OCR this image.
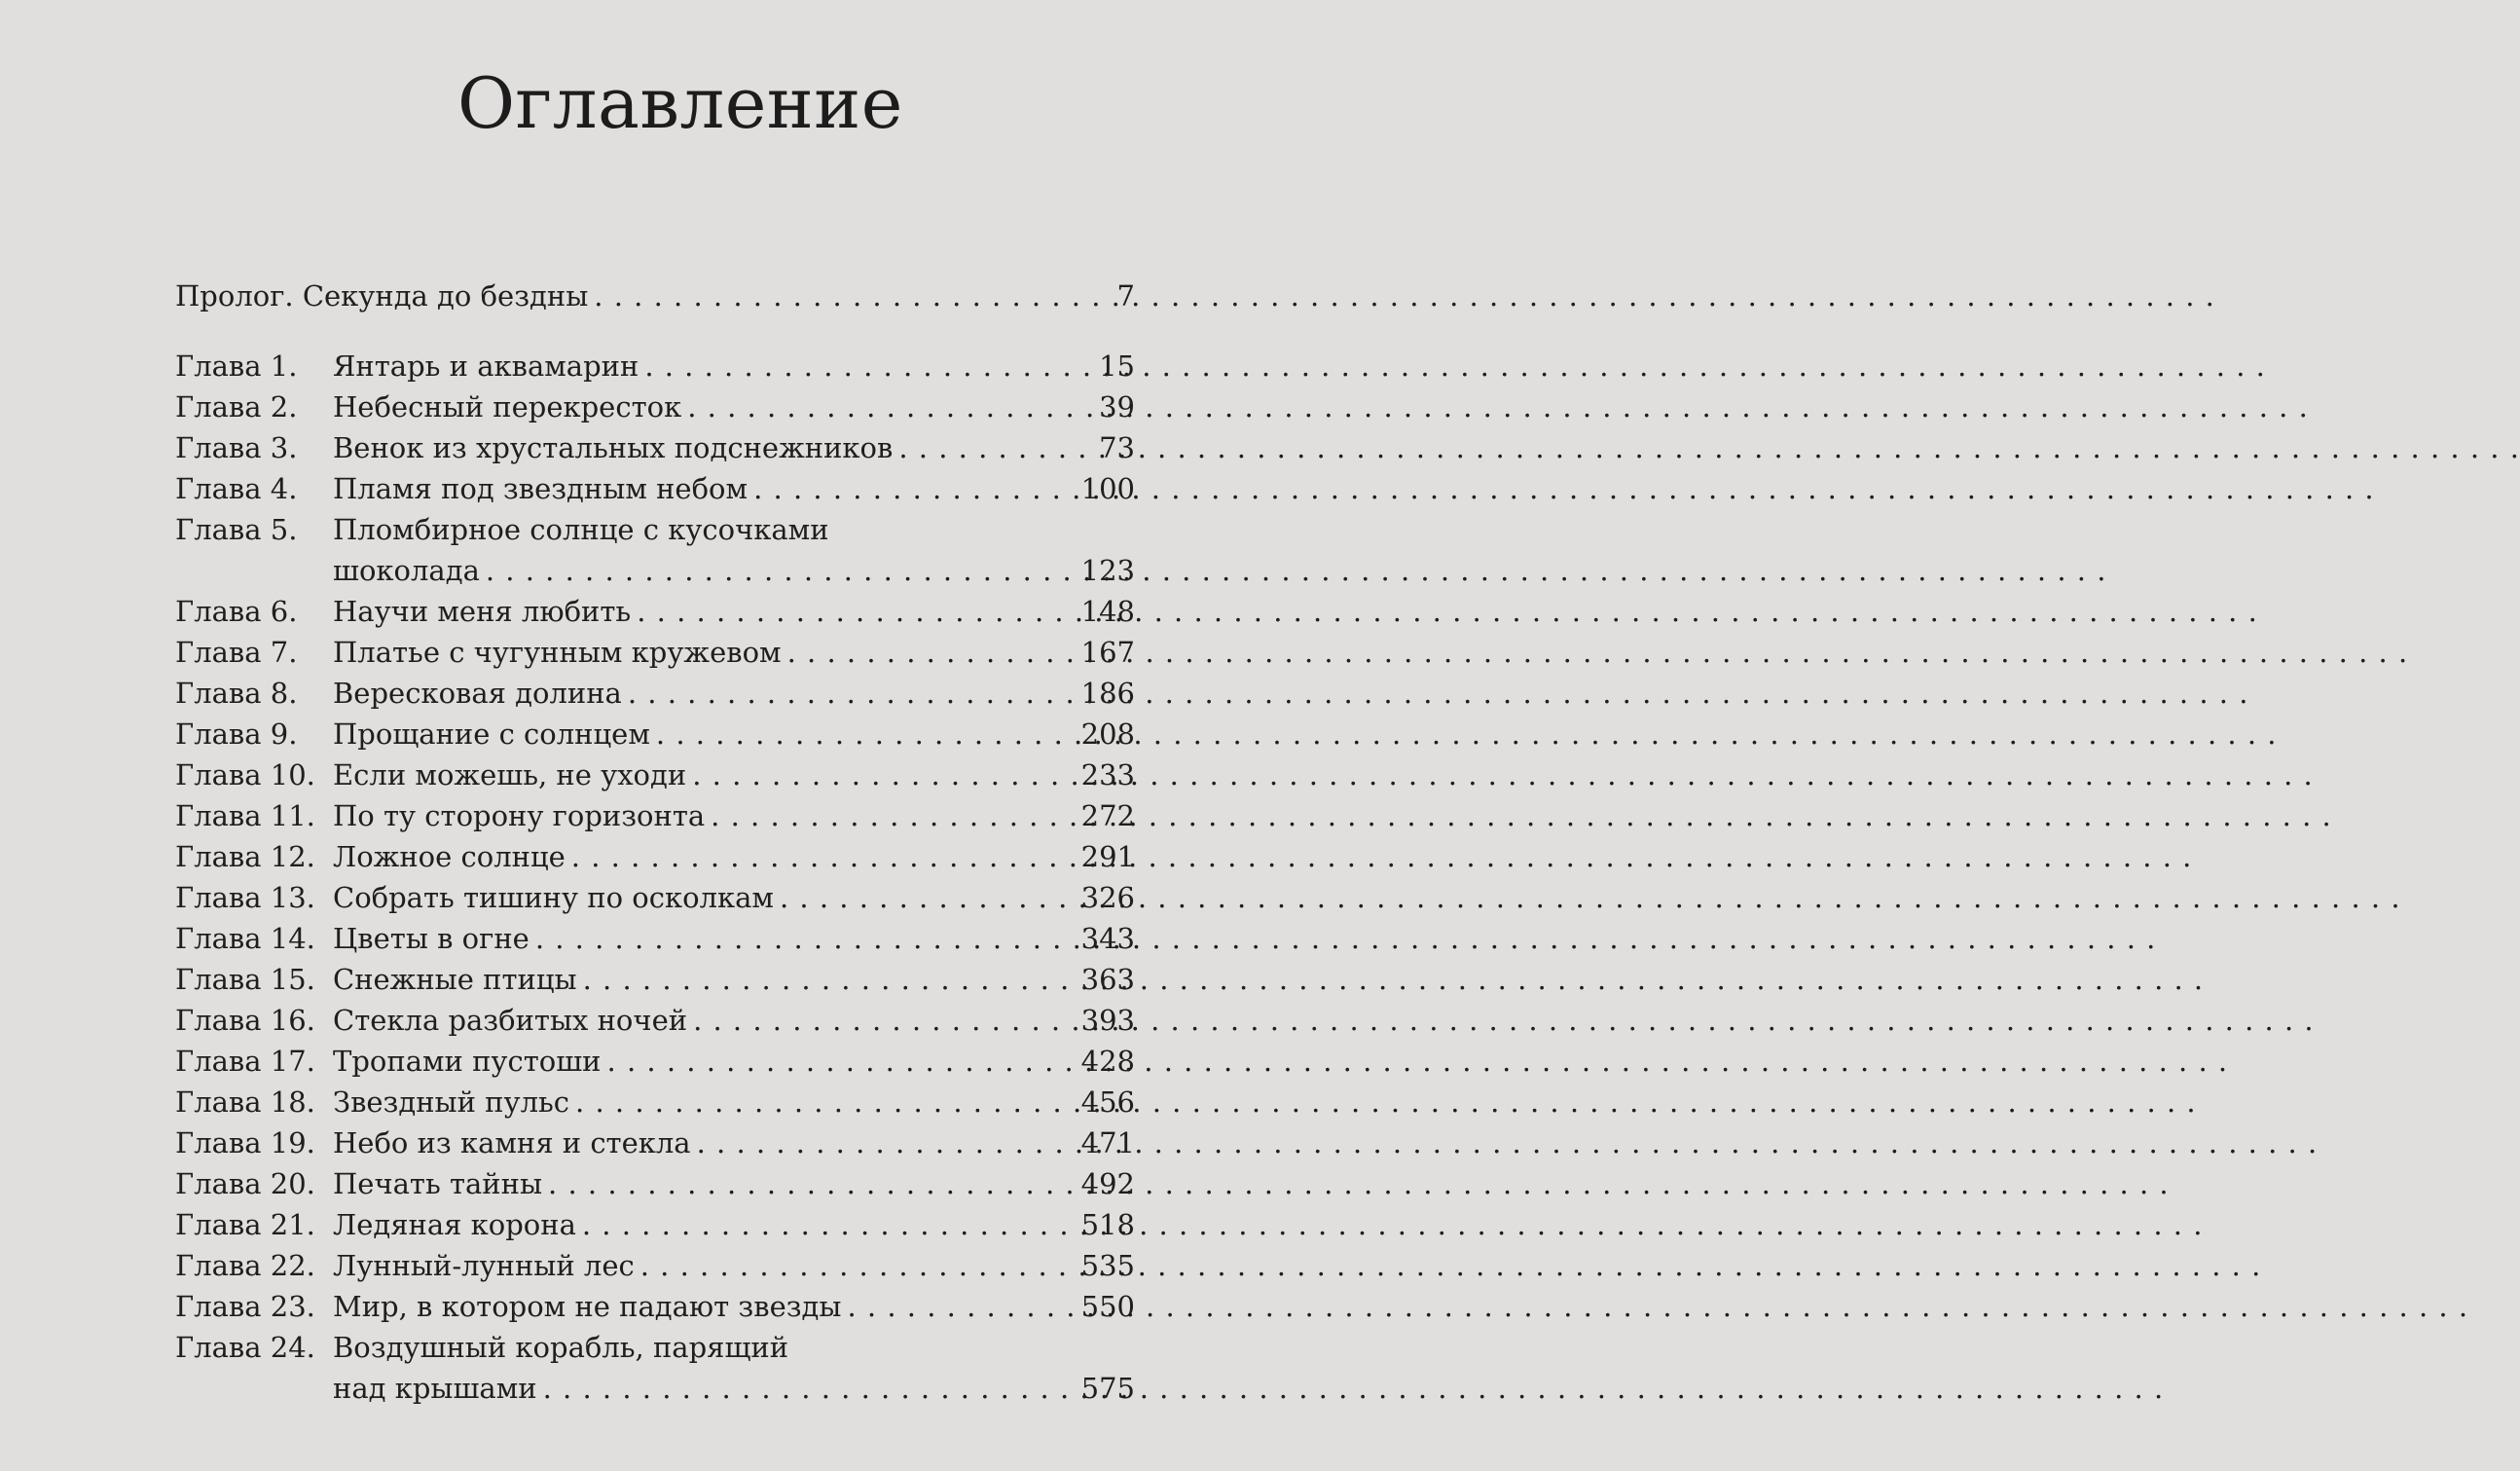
Оглавление
Пролог. Секунда до бездны . . .	7
Глава 1.	Янтарь и аквамарин . . .	15
Глава 2.	Небесный перекресток . . .	39
Глава 3.	Венок из хрустальных подснежников . . .	73
Глава 4.	Пламя под звездным небом . . .	100
Глава 5.	Пломбирное солнце с кусочками
шоколада . . .	123
Глава 6.	Научи меня любить . . .	148
Глава 7.	Платье с чугунным кружевом . . .	167
Глава 8.	Вересковая долина . . .	186
Глава 9.	Прощание с солнцем . . .	208
Глава 10. Если можешь, не уходи . . .	233
Глава 11. По ту сторону горизонта . . .	272
Глава 12. Ложное солнце . . .	291
Глава 13. Собрать тишину по осколкам . . .	326
Глава 14. Цветы в огне . . .	343
Глава 15. Снежные птицы . . .	363
Глава 16. Стекла разбитых ночей . . .	393
Глава 17. Тропами пустоши . . .	428
Глава 18. Звездный пульс . . .	456
Глава 19. Небо из камня и стекла . . .	471
Глава 20. Печать тайны . . .	492
Глава 21. Ледяная корона . . .	518
Глава 22. Лунный-лунный лес . . .	535
Глава 23. Мир, в котором не падают звезды . . .	550
Глава 24. Воздушный корабль, парящий
над крышами . . .	575
